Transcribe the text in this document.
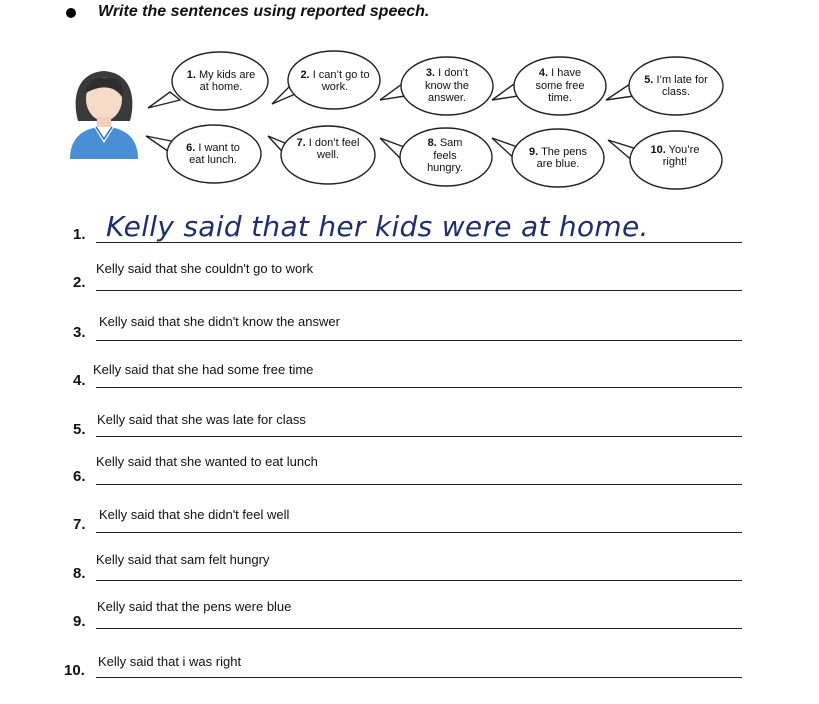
Write the sentences using reported speech.
1. My kids are at home.
2. I can’t go to work.
3. I don’t know the answer.
4. I have some free time.
5. I’m late for class.
6. I want to eat lunch.
7. I don’t feel well.
8. Sam feels hungry.
9. The pens are blue.
10. You’re right!
1. Kelly said that her kids were at home.
Kelly said that she couldn't go to work
2.
Kelly said that she didn't know the answer
3.
Kelly said that she had some free time
4.
Kelly said that she was late for class
5.
Kelly said that she wanted to eat lunch
6.
Kelly said that she didn't feel well
7.
Kelly said that sam felt hungry
8.
Kelly said that the pens were blue
9.
Kelly said that i was right
10.
